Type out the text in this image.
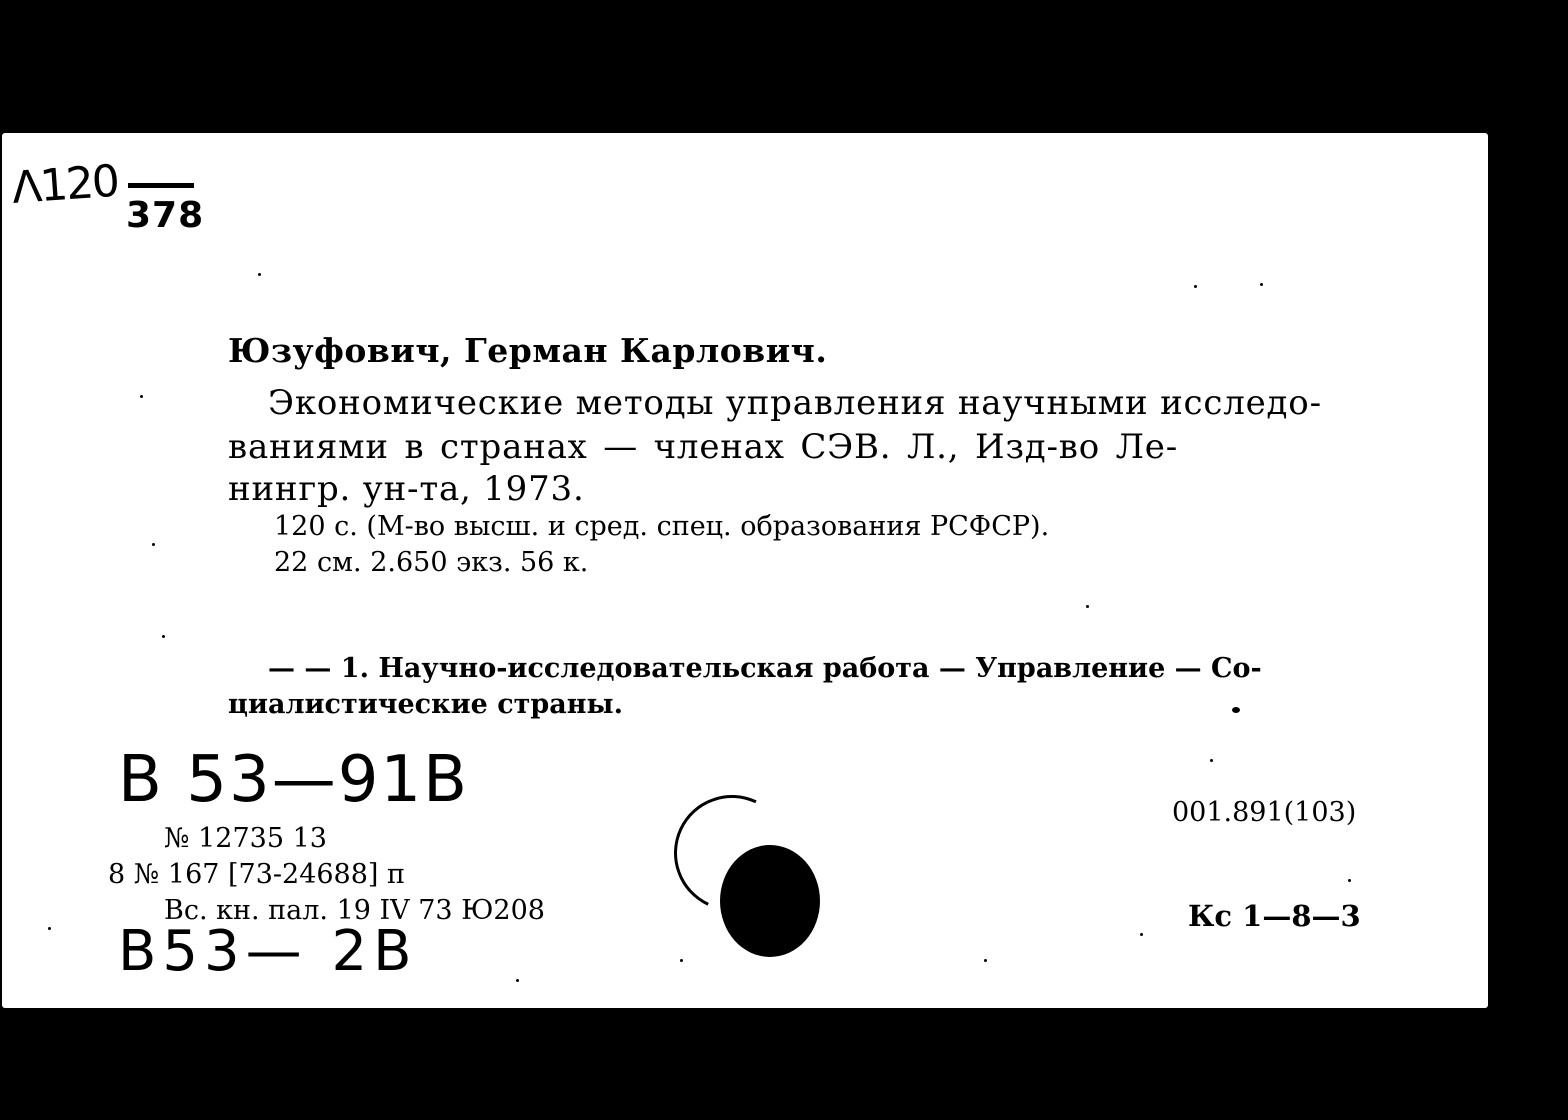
Λ120
378
Юзуфович, Герман Карлович.
Экономические методы управления научными исследо-
ваниями в странах — членах СЭВ. Л., Изд-во Ле-
нингр. ун-та, 1973.
120 с. (М-во высш. и сред. спец. образования РСФСР).
22 см. 2.650 экз. 56 к.
— — 1. Научно-исследовательская работа — Управление — Со-
циалистические страны.
B 53—91B
№ 12735 13
8 № 167 [73-24688] п
Вс. кн. пал. 19 IV 73 Ю208
B53— 2B
001.891(103)
Кс 1—8—3
